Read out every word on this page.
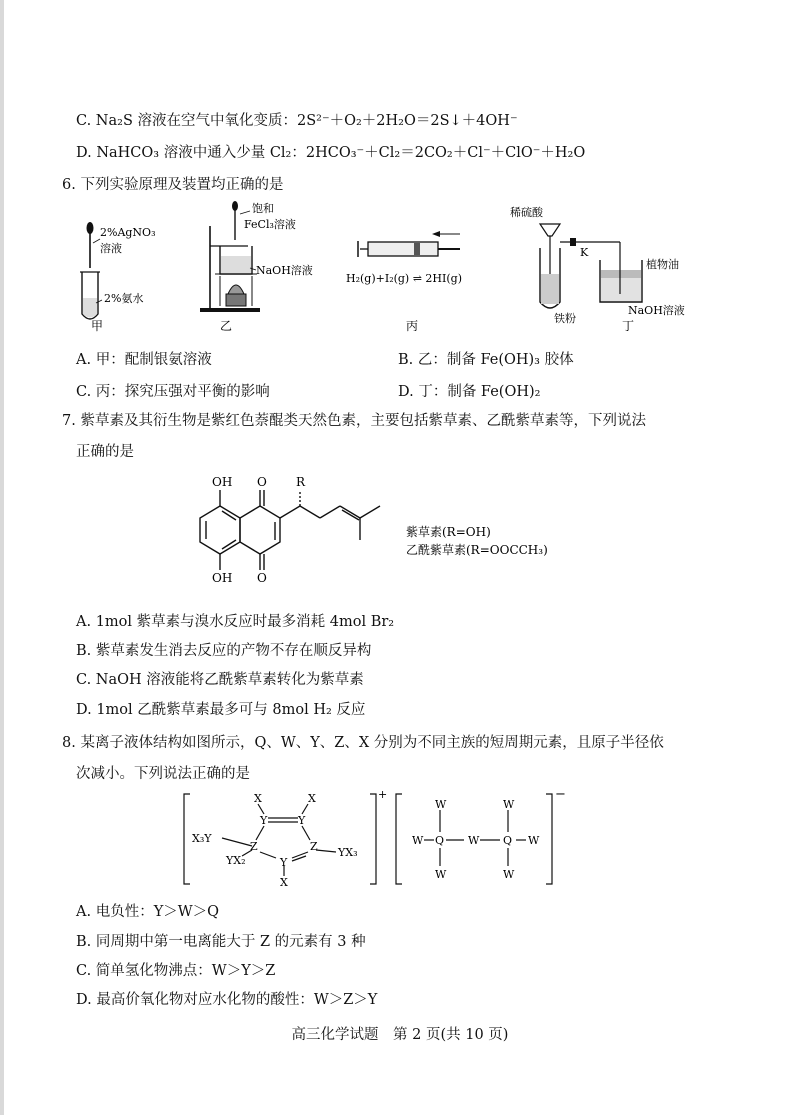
C. Na₂S 溶液在空气中氧化变质：2S²⁻＋O₂＋2H₂O＝2S↓＋4OH⁻
D. NaHCO₃ 溶液中通入少量 Cl₂：2HCO₃⁻＋Cl₂＝2CO₂＋Cl⁻＋ClO⁻＋H₂O
6. 下列实验原理及装置均正确的是
2%AgNO₃
溶液
2%氨水
饱和
FeCl₃溶液
NaOH溶液
H₂(g)+I₂(g) ⇌ 2HI(g)
稀硫酸
K
植物油
铁粉
NaOH溶液
甲	乙	丙	丁
A. 甲：配制银氨溶液	B. 乙：制备 Fe(OH)₃ 胶体
C. 丙：探究压强对平衡的影响	D. 丁：制备 Fe(OH)₂
7. 紫草素及其衍生物是紫红色萘醌类天然色素，主要包括紫草素、乙酰紫草素等，下列说法
正确的是
OH O
OH O
R
紫草素(R=OH)
乙酰紫草素(R=OOCCH₃)
A. 1mol 紫草素与溴水反应时最多消耗 4mol Br₂
B. 紫草素发生消去反应的产物不存在顺反异构
C. NaOH 溶液能将乙酰紫草素转化为紫草素
D. 1mol 乙酰紫草素最多可与 8mol H₂ 反应
8. 某离子液体结构如图所示，Q、W、Y、Z、X 分别为不同主族的短周期元素，且原子半径依
次减小。下列说法正确的是
X	X
Y	Y
Z	Z
Y
X
X₃Y
YX₂
YX₃
+
W
W
Q
W
W
W
Q
W
W
−
A. 电负性：Y＞W＞Q
B. 同周期中第一电离能大于 Z 的元素有 3 种
C. 简单氢化物沸点：W＞Y＞Z
D. 最高价氧化物对应水化物的酸性：W＞Z＞Y
高三化学试题　第 2 页(共 10 页)
